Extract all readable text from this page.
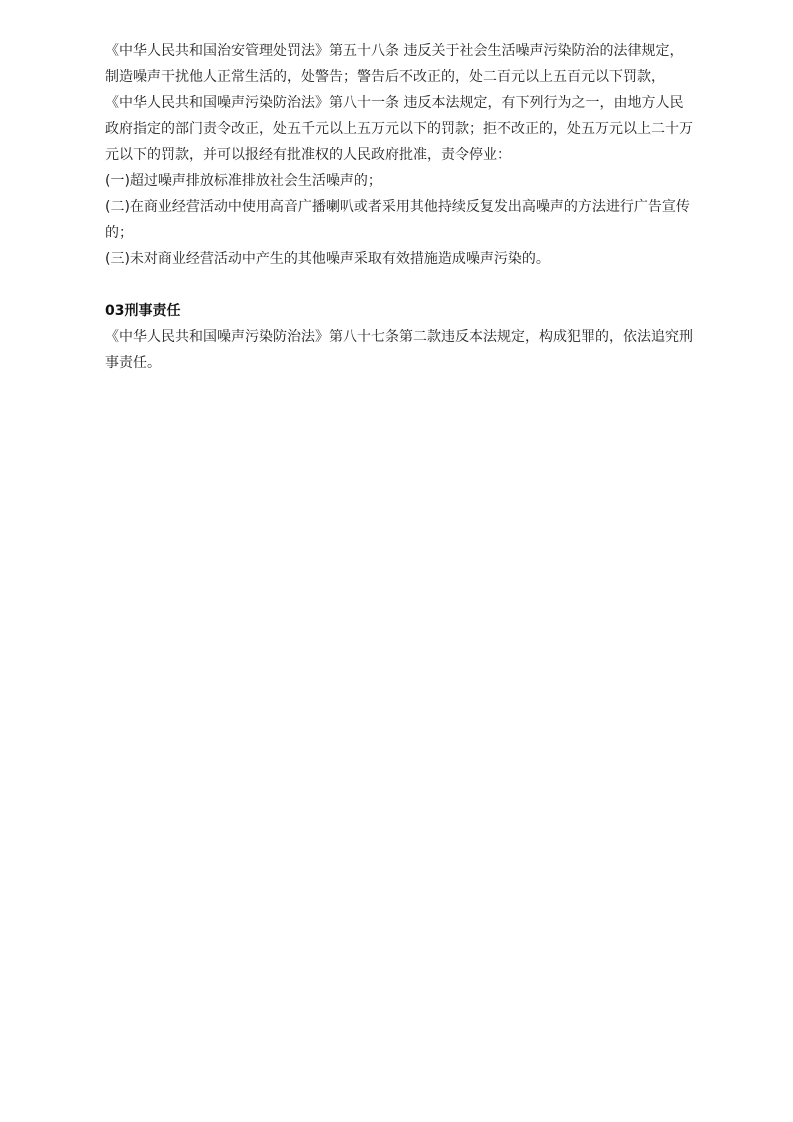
《中华人民共和国治安管理处罚法》第五十八条 违反关于社会生活噪声污染防治的法律规定，制造噪声干扰他人正常生活的，处警告；警告后不改正的，处二百元以上五百元以下罚款，

《中华人民共和国噪声污染防治法》第八十一条 违反本法规定，有下列行为之一，由地方人民政府指定的部门责令改正，处五千元以上五万元以下的罚款；拒不改正的，处五万元以上二十万元以下的罚款，并可以报经有批准权的人民政府批准，责令停业：

(一)超过噪声排放标准排放社会生活噪声的；

(二)在商业经营活动中使用高音广播喇叭或者采用其他持续反复发出高噪声的方法进行广告宣传的；

(三)未对商业经营活动中产生的其他噪声采取有效措施造成噪声污染的。

03刑事责任

《中华人民共和国噪声污染防治法》第八十七条第二款违反本法规定，构成犯罪的，依法追究刑事责任。
